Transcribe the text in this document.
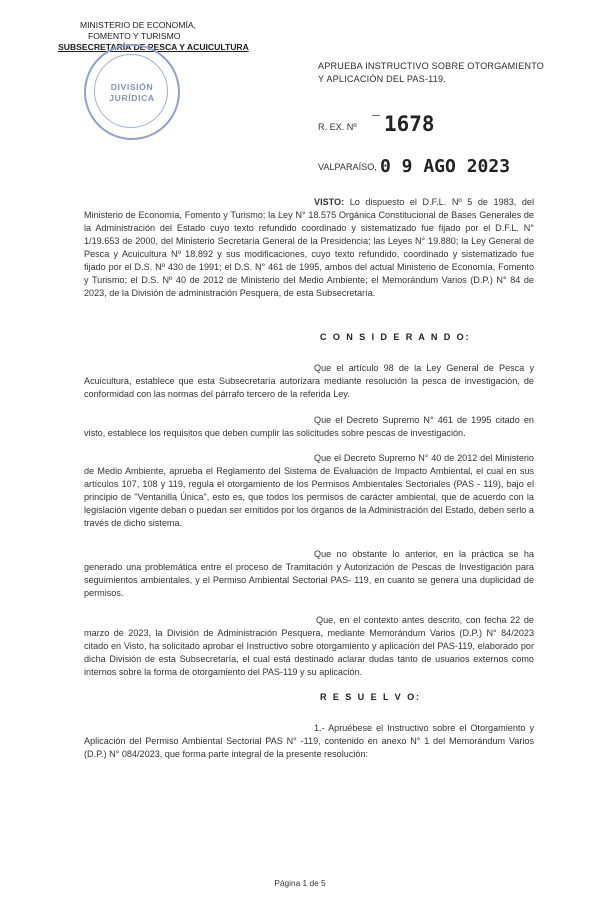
MINISTERIO DE ECONOMÍA,
FOMENTO Y TURISMO
SUBSECRETARÍA DE PESCA Y ACUICULTURA
DIVISIÓN
JURÍDICA
APRUEBA INSTRUCTIVO SOBRE OTORGAMIENTO
Y APLICACIÓN DEL PAS-119.
R. EX. Nº 1678
VALPARAÍSO, 0 9 AGO 2023
VISTO: Lo dispuesto el D.F.L. Nº 5 de 1983, del Ministerio de Economía, Fomento y Turismo; la Ley N° 18.575 Orgánica Constitucional de Bases Generales de la Administración del Estado cuyo texto refundido coordinado y sistematizado fue fijado por el D.F.L. N° 1/19.653 de 2000, del Ministerio Secretaría General de la Presidencia; las Leyes N° 19.880; la Ley General de Pesca y Acuicultura Nº 18.892 y sus modificaciones, cuyo texto refundido, coordinado y sistematizado fue fijado por el D.S. Nº 430 de 1991; el D.S. N° 461 de 1995, ambos del actual Ministerio de Economía, Fomento y Turismo; el D.S. Nº 40 de 2012 de Ministerio del Medio Ambiente; el Memorándum Varios (D.P.) N° 84 de 2023, de la División de administración Pesquera, de esta Subsecretaría.
C O N S I D E R A N D O:
Que el artículo 98 de la Ley General de Pesca y Acuicultura, establece que esta Subsecretaría autorizara mediante resolución la pesca de investigación, de conformidad con las normas del párrafo tercero de la referida Ley.
Que el Decreto Supremo N° 461 de 1995 citado en visto, establece los requisitos que deben cumplir las solicitudes sobre pescas de investigación.
Que el Decreto Supremo N° 40 de 2012 del Ministerio de Medio Ambiente, aprueba el Reglamento del Sistema de Evaluación de Impacto Ambiental, el cual en sus artículos 107, 108 y 119, regula el otorgamiento de los Permisos Ambientales Sectoriales (PAS - 119), bajo el principio de "Ventanilla Única", esto es, que todos los permisos de carácter ambiental, que de acuerdo con la legislación vigente deban o puedan ser emitidos por los órganos de la Administración del Estado, deben serlo a través de dicho sistema.
Que no obstante lo anterior, en la práctica se ha generado una problemática entre el proceso de Tramitación y Autorización de Pescas de Investigación para seguimientos ambientales, y el Permiso Ambiental Sectorial PAS- 119, en cuanto se genera una duplicidad de permisos.
Que, en el contexto antes descrito, con fecha 22 de marzo de 2023, la División de Administración Pesquera, mediante Memorándum Varios (D.P.) N° 84/2023 citado en Visto, ha solicitado aprobar el Instructivo sobre otorgamiento y aplicación del PAS-119, elaborado por dicha División de esta Subsecretaría, el cual está destinado aclarar dudas tanto de usuarios externos como internos sobre la forma de otorgamiento del PAS-119 y su aplicación.
R E S U E L V O:
1.- Apruébese el Instructivo sobre el Otorgamiento y Aplicación del Permiso Ambiental Sectorial PAS N° -119, contenido en anexo N° 1 del Memorándum Varios (D.P.) N° 084/2023, que forma parte integral de la presente resolución:
Página 1 de 5
